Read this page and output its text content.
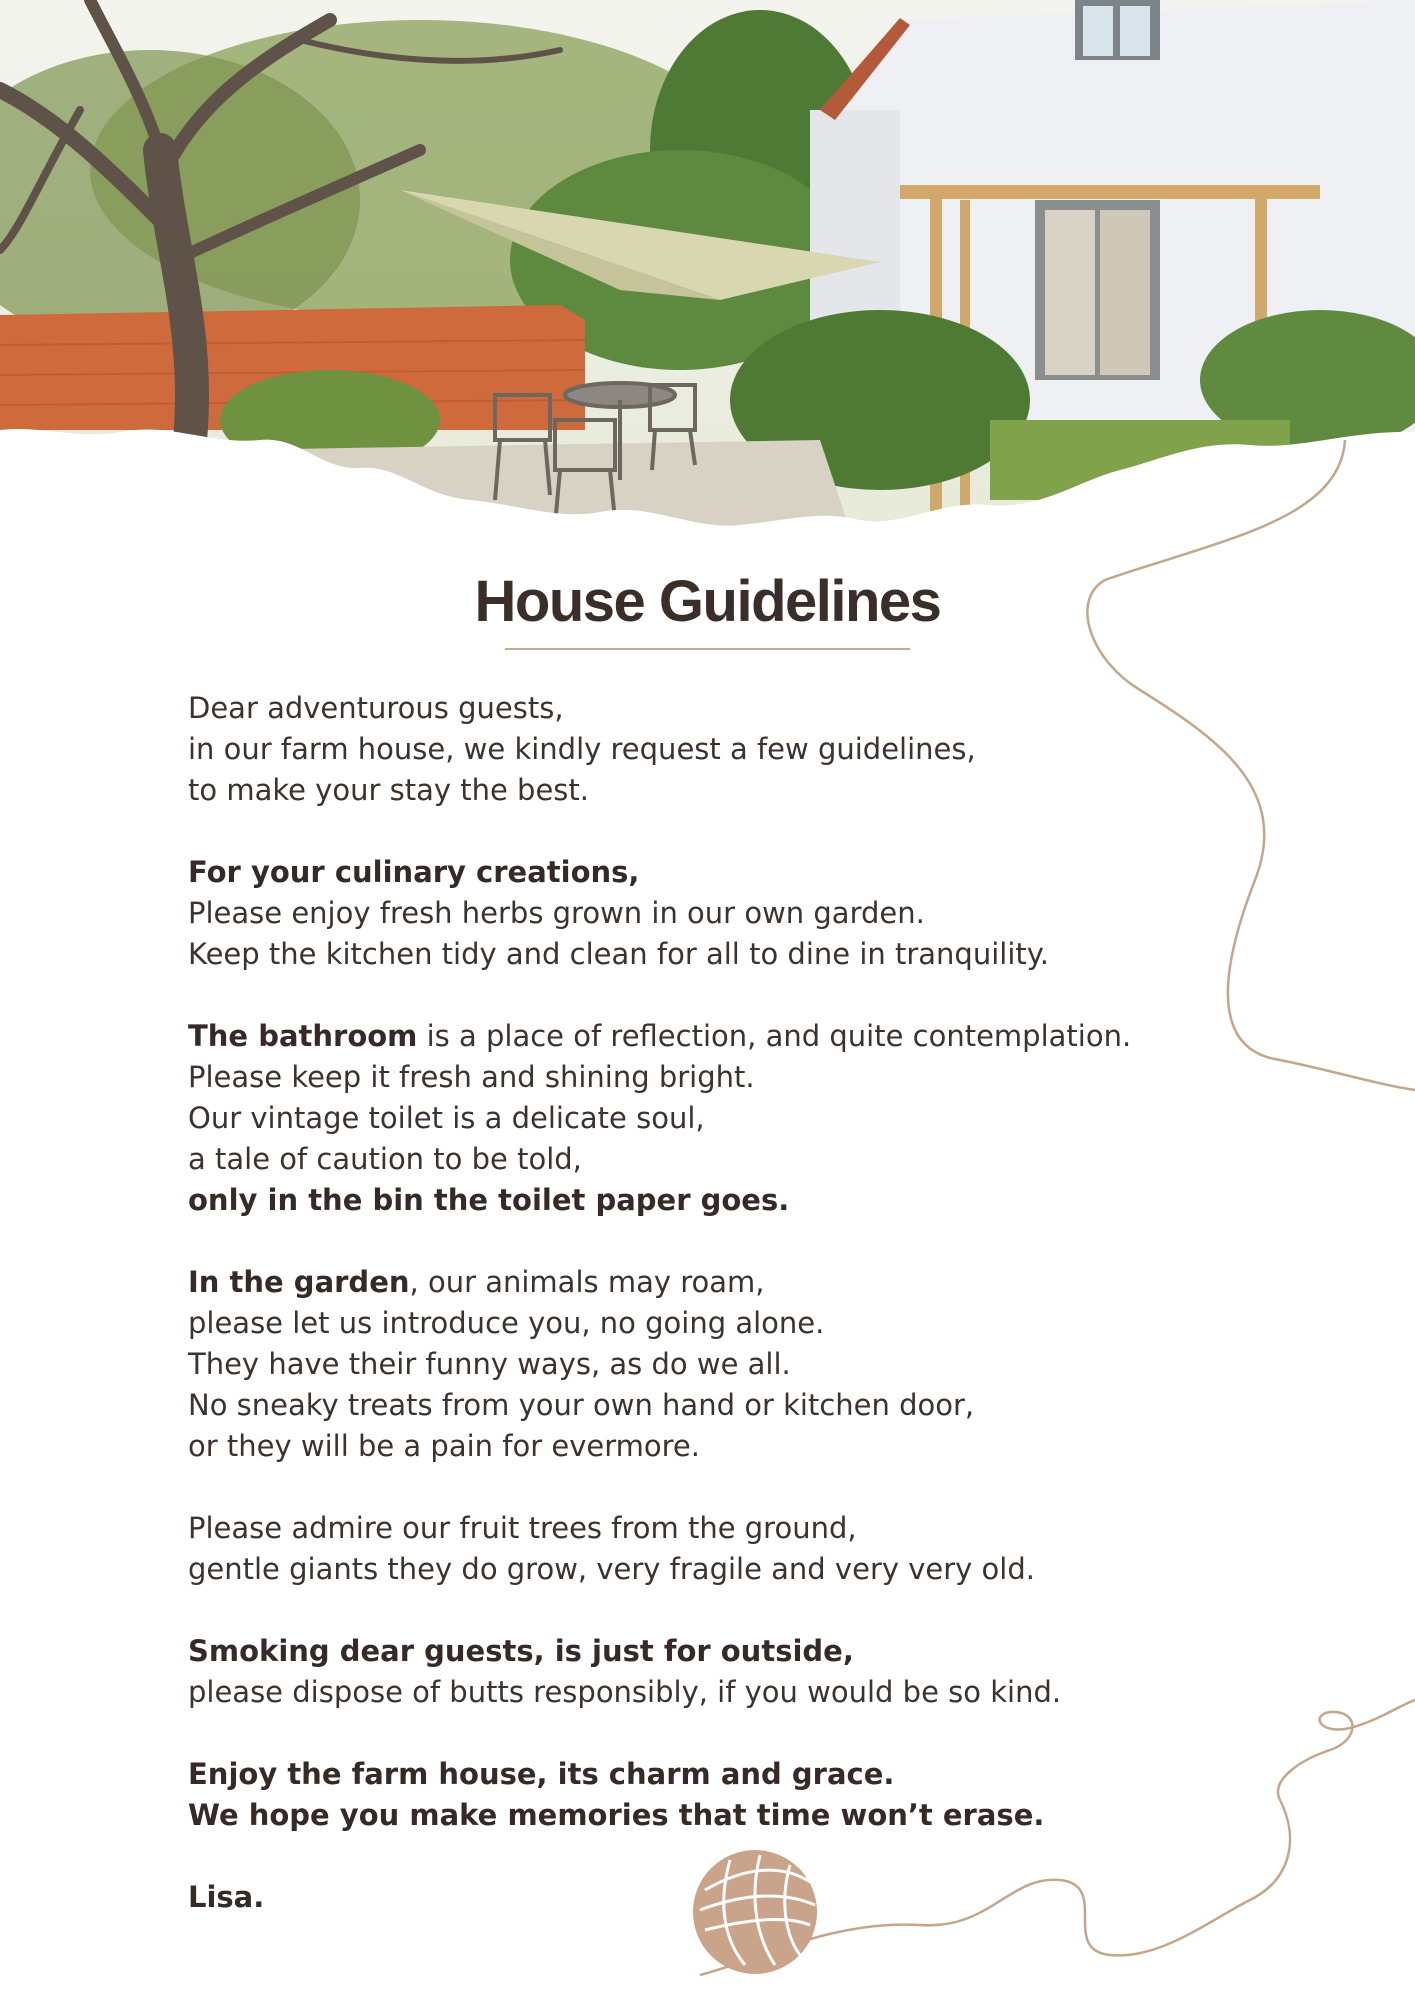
House Guidelines
Dear adventurous guests,
in our farm house, we kindly request a few guidelines,
to make your stay the best.
For your culinary creations,
Please enjoy fresh herbs grown in our own garden.
Keep the kitchen tidy and clean for all to dine in tranquility.
The bathroom is a place of reflection, and quite contemplation.
Please keep it fresh and shining bright.
Our vintage toilet is a delicate soul,
a tale of caution to be told,
only in the bin the toilet paper goes.
In the garden, our animals may roam,
please let us introduce you, no going alone.
They have their funny ways, as do we all.
No sneaky treats from your own hand or kitchen door,
or they will be a pain for evermore.
Please admire our fruit trees from the ground,
gentle giants they do grow, very fragile and very very old.
Smoking dear guests, is just for outside,
please dispose of butts responsibly, if you would be so kind.
Enjoy the farm house, its charm and grace.
We hope you make memories that time won’t erase.
Lisa.
